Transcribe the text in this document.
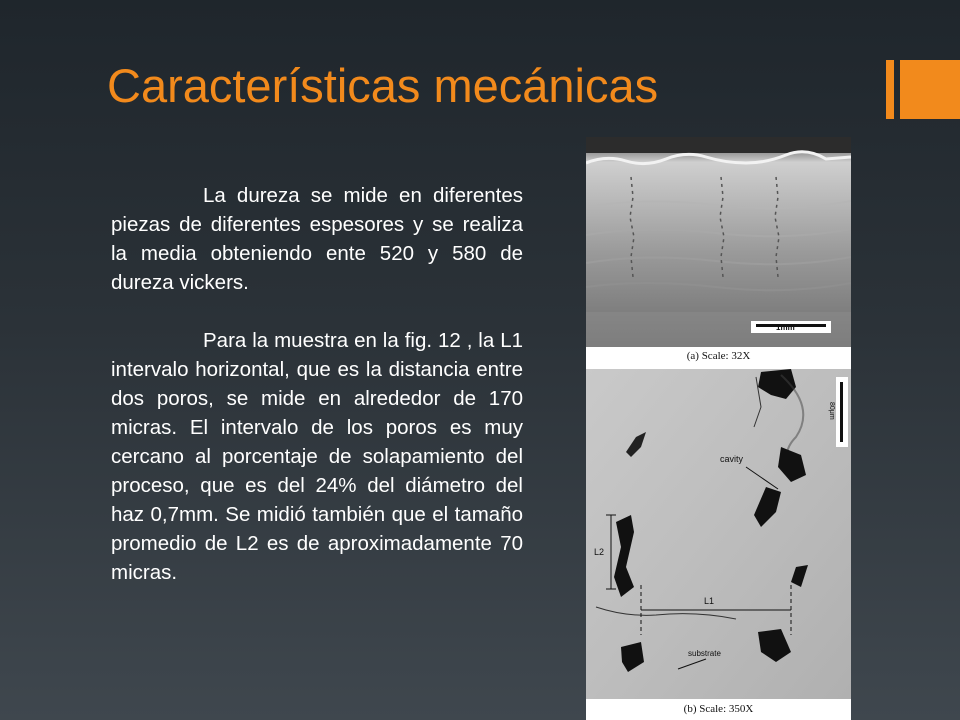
Características mecánicas

La dureza se mide en diferentes piezas de diferentes espesores y se realiza la media obteniendo ente 520 y 580 de dureza vickers.

Para la muestra en la fig. 12 , la L1 intervalo horizontal, que es la distancia entre dos poros, se mide en alrededor de 170 micras. El intervalo de los poros es muy cercano al porcentaje de solapamiento del proceso, que es del 24% del diámetro del haz 0,7mm. Se midió también que el tamaño promedio de L2 es de aproximadamente 70 micras.

1mm
(a) Scale: 32X
cavity
L2
L1
substrate
80μm
(b) Scale: 350X
